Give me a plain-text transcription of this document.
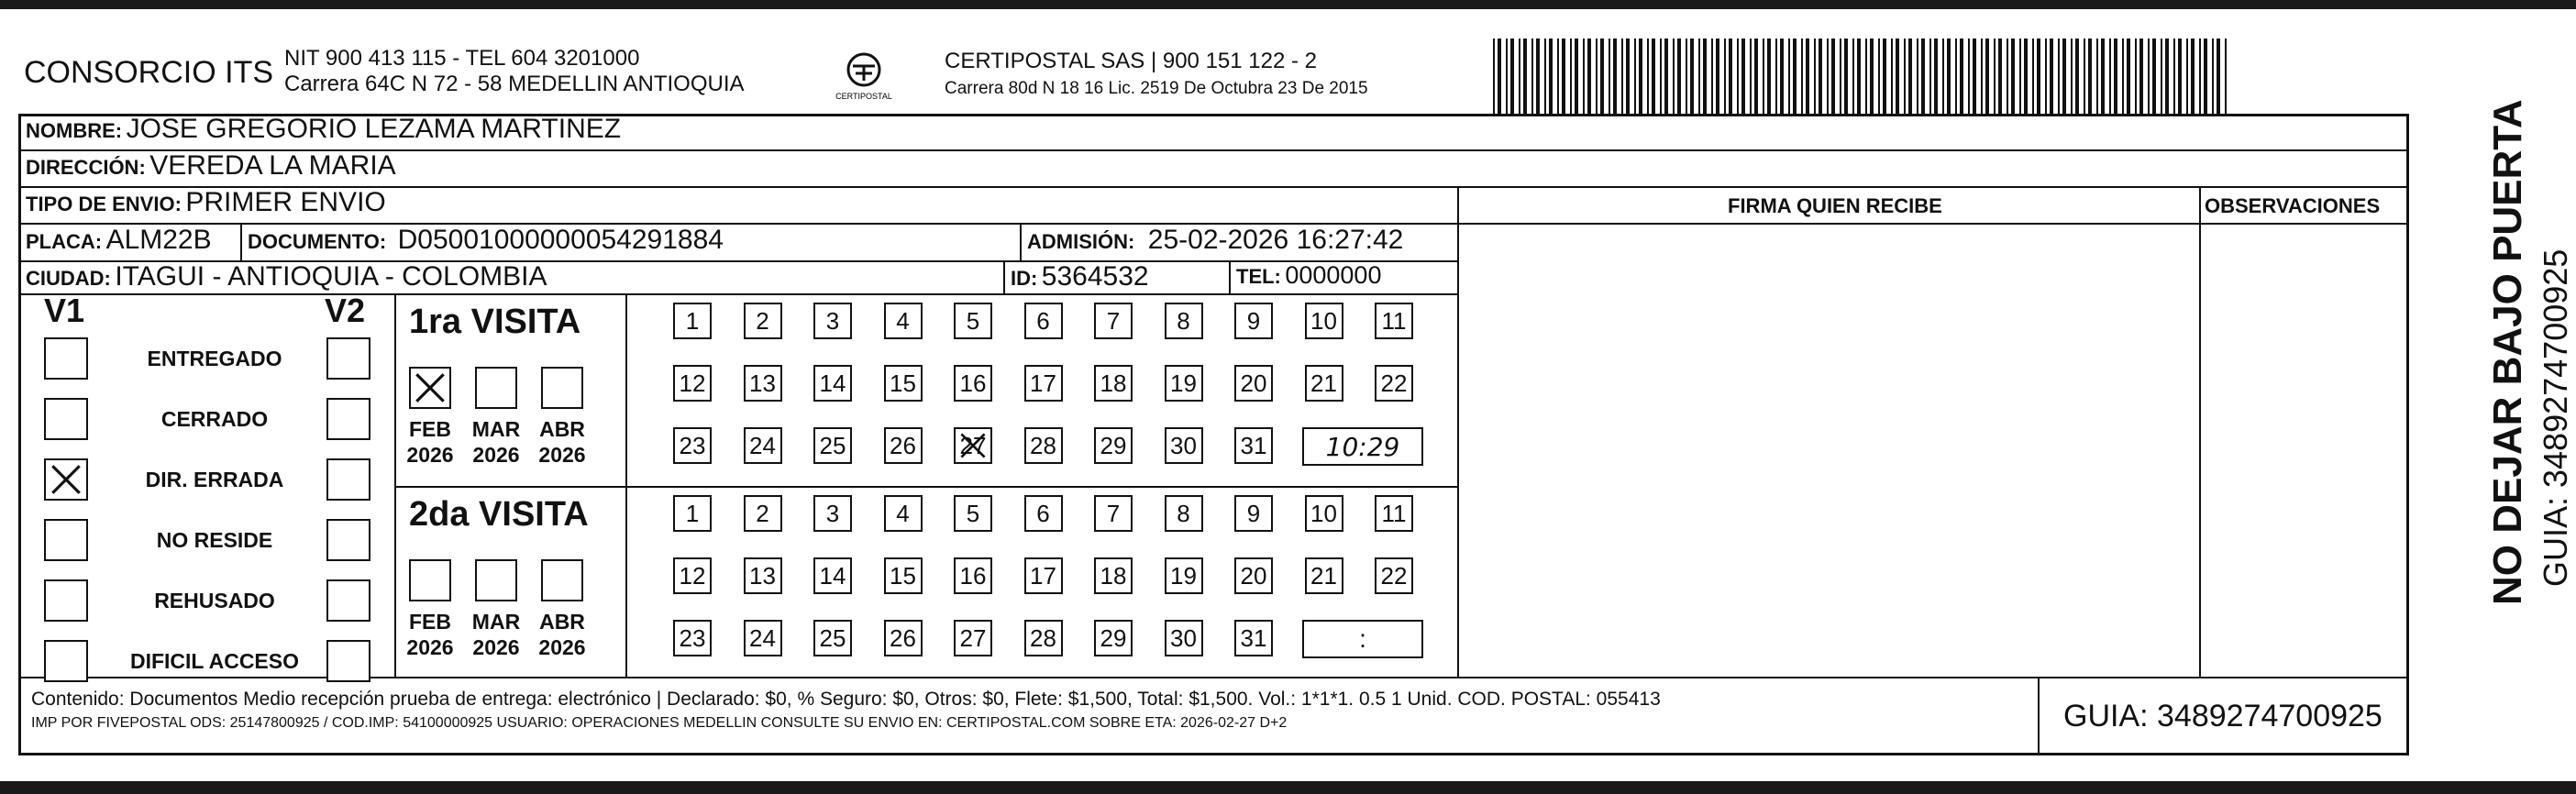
CONSORCIO ITS NIT 900 413 115 - TEL 604 3201000
Carrera 64C N 72 - 58 MEDELLIN ANTIOQUIA	CERTIPOSTAL
CERTIPOSTAL SAS | 900 151 122 - 2
Carrera 80d N 18 16 Lic. 2519 De Octubra 23 De 2015
NOMBRE: JOSE GREGORIO LEZAMA MARTINEZ
DIRECCIÓN: VEREDA LA MARIA
TIPO DE ENVIO: PRIMER ENVIO	FIRMA QUIEN RECIBE	OBSERVACIONES
PLACA: ALM22B DOCUMENTO: D05001000000054291884	ADMISIÓN: 25-02-2026 16:27:42
CIUDAD: ITAGUI - ANTIOQUIA - COLOMBIA	ID: 5364532	TEL: 0000000
V1	V2
ENTREGADO
CERRADO
DIR. ERRADA
NO RESIDE
REHUSADO
DIFICIL ACCESO
1ra VISITA
2da VISITA
FEB
2026
MAR
2026
ABR
2026
1 2 3 4 5 6 7 8 9 10 11
12 13 14 15 16 17 18 19 20 21 22
23 24 25 26 27 28 29 30 31 10:29
FEB
2026
MAR
2026
ABR
2026
1 2 3 4 5 6 7 8 9 10 11
12 13 14 15 16 17 18 19 20 21 22
23 24 25 26 27 28 29 30 31	:
Contenido: Documentos Medio recepción prueba de entrega: electrónico | Declarado: $0, % Seguro: $0, Otros: $0, Flete: $1,500, Total: $1,500. Vol.: 1*1*1. 0.5 1 Unid. COD. POSTAL: 055413
IMP POR FIVEPOSTAL ODS: 25147800925 / COD.IMP: 54100000925 USUARIO: OPERACIONES MEDELLIN CONSULTE SU ENVIO EN: CERTIPOSTAL.COM SOBRE ETA: 2026-02-27 D+2	GUIA: 3489274700925
NO DEJAR BAJO PUERTA GUIA: 3489274700925
